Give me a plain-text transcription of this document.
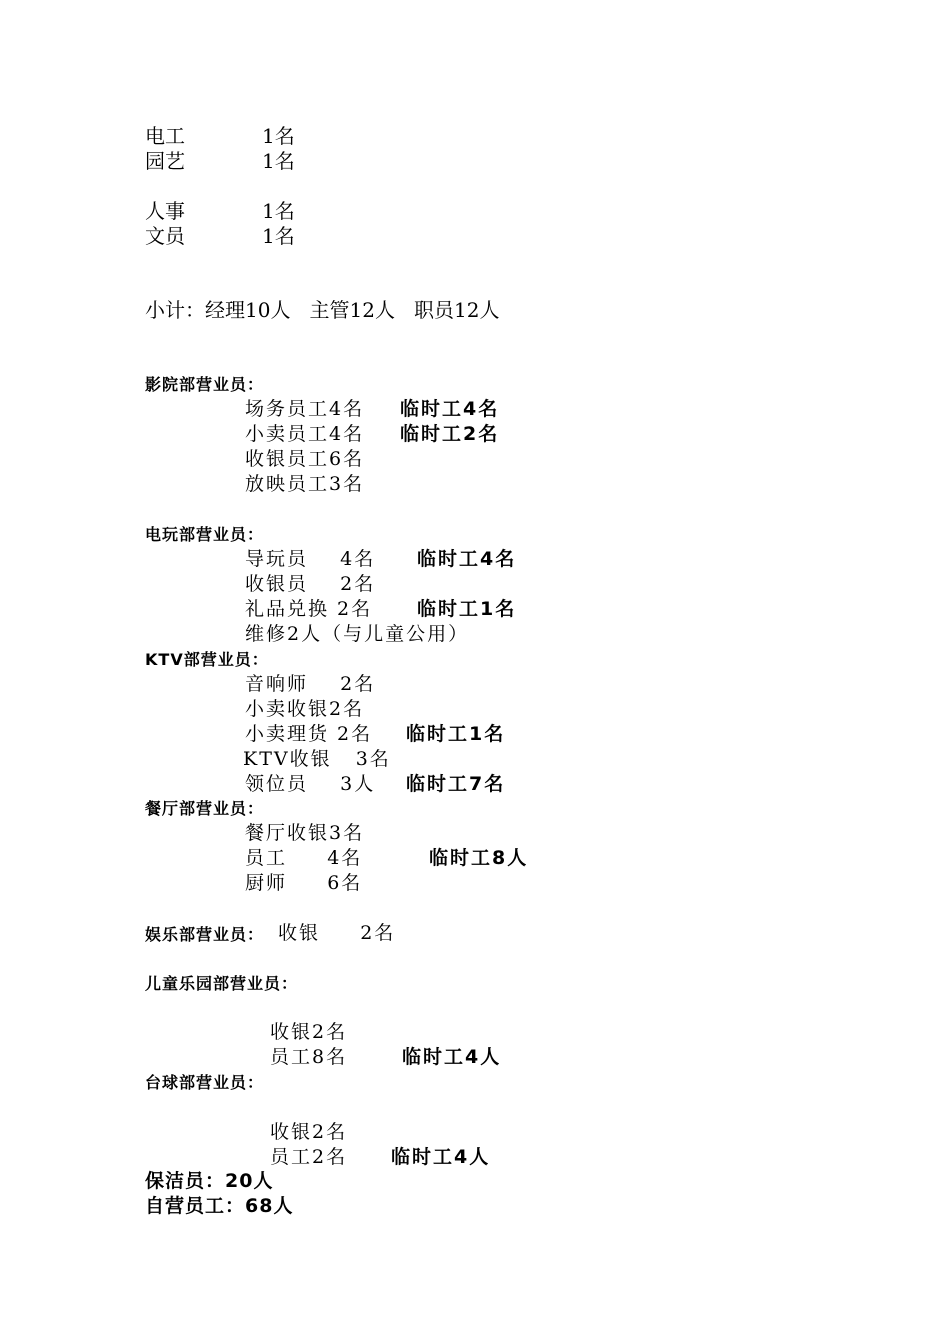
电工	1名
园艺	1名
人事	1名
文员	1名
小计：经理10人   主管12人   职员12人
影院部营业员：
场务员工4名 临时工4名
小卖员工4名 临时工2名
收银员工6名
放映员工3名
电玩部营业员：
导玩员    4名 临时工4名
收银员    2名
礼品兑换 2名 临时工1名
维修2人（与儿童公用）
KTV部营业员：
音响师    2名
小卖收银2名
小卖理货 2名 临时工1名
KTV收银   3名
领位员    3人 临时工7名
餐厅部营业员：
餐厅收银3名
员工     4名	临时工8人
厨师     6名
娱乐部营业员： 收银     2名
儿童乐园部营业员：
收银2名
员工8名	临时工4人
台球部营业员：
收银2名
员工2名 临时工4人
保洁员：20人
自营员工：68人
